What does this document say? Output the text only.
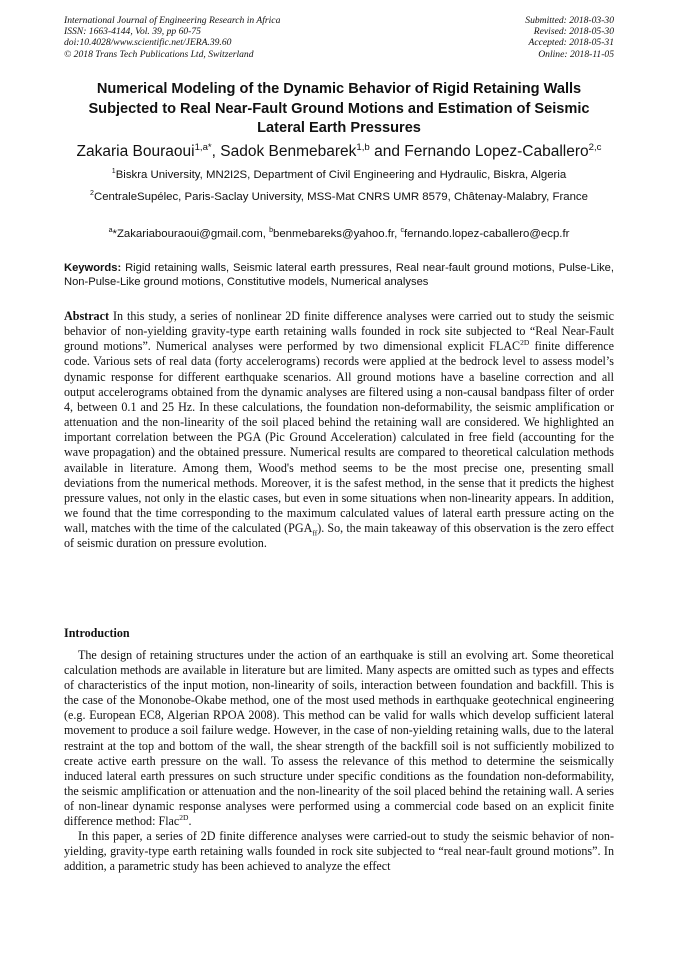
International Journal of Engineering Research in Africa
ISSN: 1663-4144, Vol. 39, pp 60-75
doi:10.4028/www.scientific.net/JERA.39.60
© 2018 Trans Tech Publications Ltd, Switzerland
Submitted: 2018-03-30
Revised: 2018-05-30
Accepted: 2018-05-31
Online: 2018-11-05
Numerical Modeling of the Dynamic Behavior of Rigid Retaining Walls
Subjected to Real Near-Fault Ground Motions and Estimation of Seismic
Lateral Earth Pressures
Zakaria Bouraoui$^{1,a*}$, Sadok Benmebarek$^{1,b}$ and Fernando Lopez-Caballero$^{2,c}$
$^1$Biskra University, MN2I2S, Department of Civil Engineering and Hydraulic, Biskra, Algeria
$^2$CentraleSupélec, Paris-Saclay University, MSS-Mat CNRS UMR 8579, Châtenay-Malabry, France
$^a$*Zakariabouraoui@gmail.com, $^b$benmebareks@yahoo.fr, $^c$fernando.lopez-caballero@ecp.fr
Keywords: Rigid retaining walls, Seismic lateral earth pressures, Real near-fault ground motions, Pulse-Like, Non-Pulse-Like ground motions, Constitutive models, Numerical analyses
Abstract In this study, a series of nonlinear 2D finite difference analyses were carried out to study the seismic behavior of non-yielding gravity-type earth retaining walls founded in rock site subjected to “Real Near-Fault ground motions”. Numerical analyses were performed by two dimensional explicit $FLAC^{2D}$ finite difference code. Various sets of real data (forty accelerograms) records were applied at the bedrock level to assess model’s dynamic response for different earthquake scenarios. All ground motions have a baseline correction and all output accelerograms obtained from the dynamic analyses are filtered using a non-causal bandpass filter of order 4, between 0.1 and 25 Hz. In these calculations, the foundation non-deformability, the seismic amplification or attenuation and the non-linearity of the soil placed behind the retaining wall are considered. We highlighted an important correlation between the PGA (Pic Ground Acceleration) calculated in free field (accounting for the wave propagation) and the obtained pressure. Numerical results are compared to theoretical calculation methods available in literature. Among them, Wood's method seems to be the most precise one, presenting small deviations from the numerical methods. Moreover, it is the safest method, in the sense that it predicts the highest pressure values, not only in the elastic cases, but even in some situations when non-linearity appears. In addition, we found that the time corresponding to the maximum calculated values of lateral earth pressure acting on the wall, matches with the time of the calculated $(PGA_{ff})$. So, the main takeaway of this observation is the zero effect of seismic duration on pressure evolution.
Introduction

The design of retaining structures under the action of an earthquake is still an evolving art. Some theoretical calculation methods are available in literature but are limited. Many aspects are omitted such as types and effects of characteristics of the input motion, non-linearity of soils, interaction between foundation and backfill. This is the case of the Mononobe-Okabe method, one of the most used methods in earthquake geotechnical engineering (e.g. European EC8, Algerian RPOA 2008). This method can be valid for walls which develop sufficient lateral movement to produce a soil failure wedge. However, in the case of non-yielding retaining walls, due to the lateral restraint at the top and bottom of the wall, the shear strength of the backfill soil is not sufficiently mobilized to create active earth pressure on the wall. To assess the relevance of this method to determine the seismically induced lateral earth pressures on such structure under specific conditions as the foundation non-deformability, the seismic amplification or attenuation and the non-linearity of the soil placed behind the retaining wall. A series of non-linear dynamic response analyses were performed using a commercial code based on an explicit finite difference method: Flac$^{2D}$.

In this paper, a series of 2D finite difference analyses were carried-out to study the seismic behavior of non-yielding, gravity-type earth retaining walls founded in rock site subjected to “real near-fault ground motions”. In addition, a parametric study has been achieved to analyze the effect
